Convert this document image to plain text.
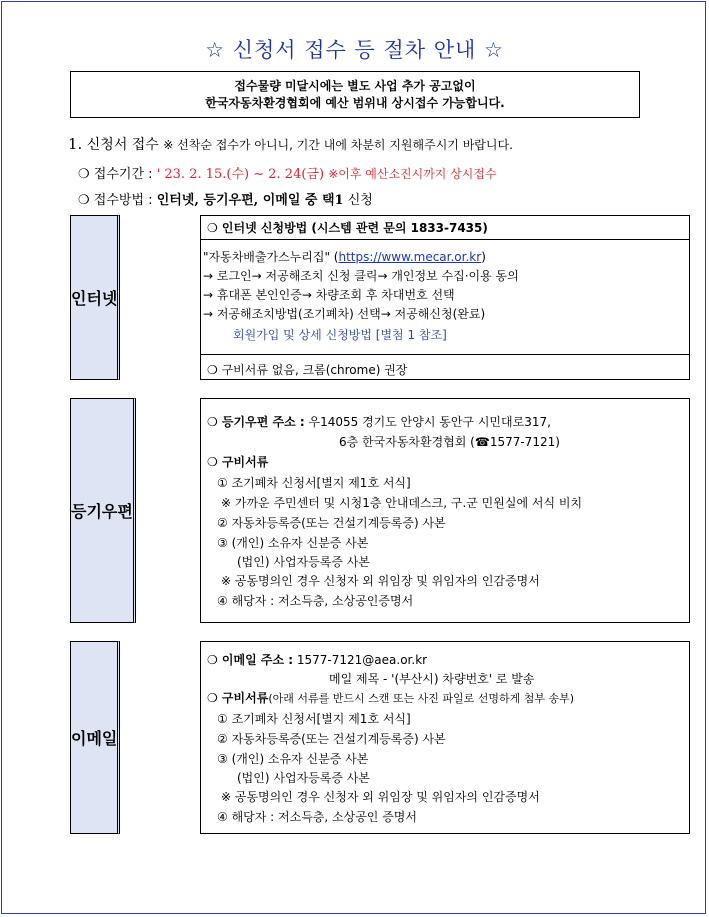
☆ 신청서 접수 등 절차 안내 ☆
접수물량 미달시에는 별도 사업 추가 공고없이
한국자동차환경협회에 예산 범위내 상시접수 가능합니다.
1. 신청서 접수 ※ 선착순 접수가 아니니, 기간 내에 차분히 지원해주시기 바랍니다.
❍ 접수기간 : ' 23. 2. 15.(수) ~ 2. 24(금) ※이후 예산소진시까지 상시접수
❍ 접수방법 : 인터넷, 등기우편, 이메일 중 택1 신청
인터넷
❍ 인터넷 신청방법 (시스템 관련 문의 1833-7435)
"자동차배출가스누리집" (https://www.mecar.or.kr)
→ 로그인→ 저공해조치 신청 클릭→ 개인정보 수집·이용 동의
→ 휴대폰 본인인증→ 차량조회 후 차대번호 선택
→ 저공해조치방법(조기폐차) 선택→ 저공해신청(완료)
회원가입 및 상세 신청방법 [별첨 1 참조]
❍ 구비서류 없음, 크롬(chrome) 권장
등기우편
❍ 등기우편 주소 : 우14055 경기도 안양시 동안구 시민대로317,
6층 한국자동차환경협회 (☎1577-7121)
❍ 구비서류
① 조기폐차 신청서[별지 제1호 서식]
※ 가까운 주민센터 및 시청1층 안내데스크, 구.군 민원실에 서식 비치
② 자동차등록증(또는 건설기계등록증) 사본
③ (개인) 소유자 신분증 사본
(법인) 사업자등록증 사본
※ 공동명의인 경우 신청자 외 위임장 및 위임자의 인감증명서
④ 해당자 : 저소득층, 소상공인증명서
이메일
❍ 이메일 주소 : 1577-7121@aea.or.kr
메일 제목 - '(부산시) 차량번호' 로 발송
❍ 구비서류(아래 서류를 반드시 스캔 또는 사진 파일로 선명하게 첨부 송부)
① 조기폐차 신청서[별지 제1호 서식]
② 자동차등록증(또는 건설기계등록증) 사본
③ (개인) 소유자 신분증 사본
(법인) 사업자등록증 사본
※ 공동명의인 경우 신청자 외 위임장 및 위임자의 인감증명서
④ 해당자 : 저소득층, 소상공인 증명서
